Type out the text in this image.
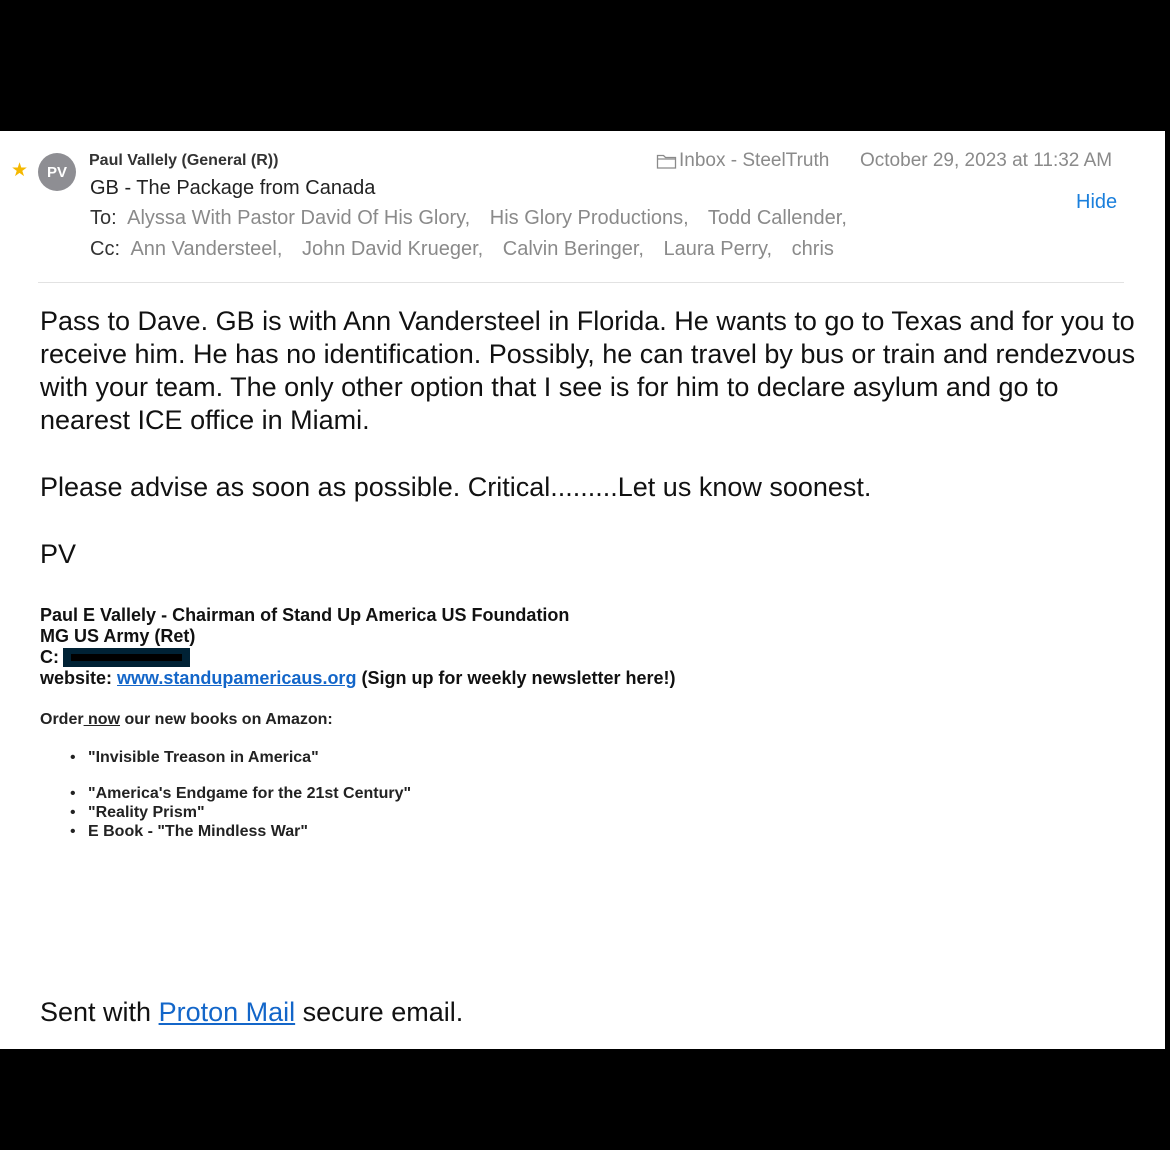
★	PV
Paul Vallely (General (R))
GB - The Package from Canada
To: Alyssa With Pastor David Of His Glory, His Glory Productions, Todd Callender,
Cc: Ann Vandersteel, John David Krueger, Calvin Beringer, Laura Perry, chris
Inbox - SteelTruth October 29, 2023 at 11:32 AM
Hide

Pass to Dave. GB is with Ann Vandersteel in Florida. He wants to go to Texas and for you to receive him. He has no identification. Possibly, he can travel by bus or train and rendezvous with your team. The only other option that I see is for him to declare asylum and go to nearest ICE office in Miami.

Please advise as soon as possible. Critical.........Let us know soonest.

PV

Paul E Vallely - Chairman of Stand Up America US Foundation
MG US Army (Ret)
C:
website: www.standupamericaus.org (Sign up for weekly newsletter here!)
Order now our new books on Amazon:
• "Invisible Treason in America"
• "America's Endgame for the 21st Century"
• "Reality Prism"
• E Book - "The Mindless War"
Sent with Proton Mail secure email.
